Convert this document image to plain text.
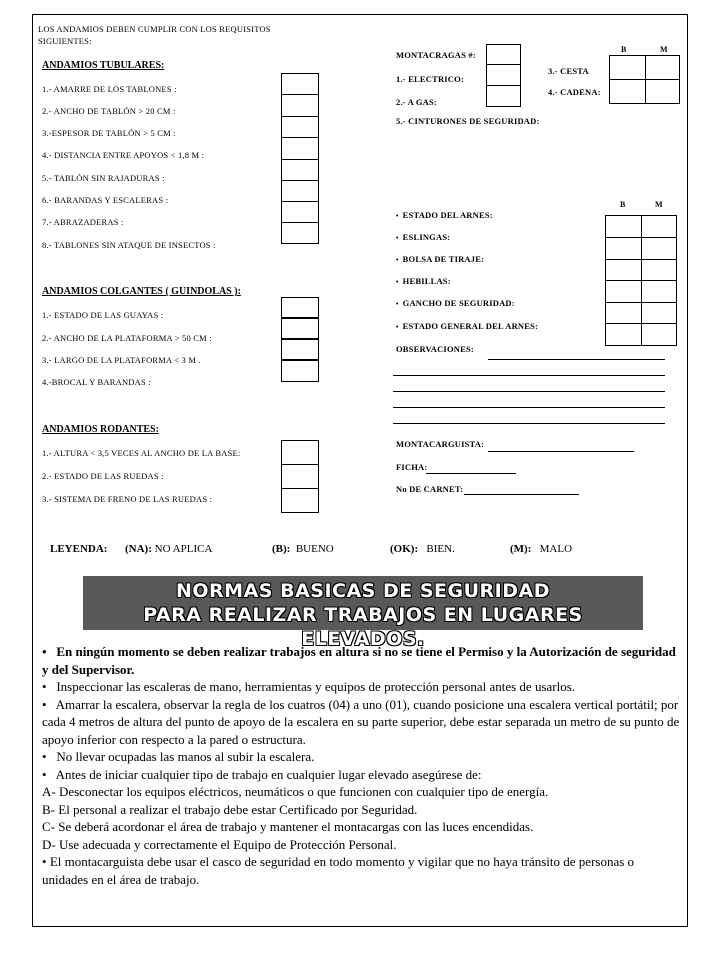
LOS ANDAMIOS DEBEN CUMPLIR CON LOS REQUISITOS
SIGUIENTES:
ANDAMIOS TUBULARES:
1.- AMARRE DE LOS TABLONES :
2.- ANCHO DE TABLÓN > 20 CM :
3.-ESPESOR DE TABLÓN > 5 CM :
4.- DISTANCIA ENTRE APOYOS < 1,8 M :
5.- TABLÓN SIN RAJADURAS :
6.- BARANDAS Y ESCALERAS :
7.- ABRAZADERAS :
8.- TABLONES SIN ATAQUE DE INSECTOS :
ANDAMIOS COLGANTES ( GUINDOLAS ):
1.- ESTADO DE LAS GUAYAS :
2.- ANCHO DE LA PLATAFORMA > 50 CM :
3.- LARGO DE LA PLATAFORMA < 3 M .
4.-BROCAL Y BARANDAS :
ANDAMIOS RODANTES:
1.- ALTURA < 3,5 VECES AL ANCHO DE LA BASE:
2.- ESTADO DE LAS RUEDAS :
3.- SISTEMA DE FRENO DE LAS RUEDAS :
MONTACRAGAS #:
1.- ELECTRICO:
2.- A GAS:
5.- CINTURONES DE SEGURIDAD:
3.- CESTA
4.- CADENA:
B	M
B	M
• ESTADO DEL ARNES:
• ESLINGAS:
• BOLSA DE TIRAJE:
• HEBILLAS:
• GANCHO DE SEGURIDAD:
• ESTADO GENERAL DEL ARNES:
OBSERVACIONES:
MONTACARGUISTA:
FICHA:
No DE CARNET:
LEYENDA: (NA): NO APLICA	(B): BUENO	(OK): BIEN.	(M): MALO
NORMAS BASICAS DE SEGURIDAD
PARA REALIZAR TRABAJOS EN LUGARES ELEVADOS.

• En ningún momento se deben realizar trabajos en altura si no se tiene el Permiso y la Autorización de seguridad y del Supervisor.

• Inspeccionar las escaleras de mano, herramientas y equipos de protección personal antes de usarlos.

• Amarrar la escalera, observar la regla de los cuatros (04) a uno (01), cuando posicione una escalera vertical portátil; por cada 4 metros de altura del punto de apoyo de la escalera en su parte superior, debe estar separada un metro de su punto de apoyo inferior con respecto a la pared o estructura.

•   No llevar ocupadas las manos al subir la escalera.

• Antes de iniciar cualquier tipo de trabajo en cualquier lugar elevado asegúrese de:

A- Desconectar los equipos eléctricos, neumáticos o que funcionen con cualquier tipo de energía.

B- El personal a realizar el trabajo debe estar Certificado por Seguridad.

C- Se deberá acordonar el área de trabajo y mantener el montacargas con las luces encendidas.

D- Use adecuada y correctamente el Equipo de Protección Personal.

• El montacarguista debe usar el casco de seguridad en todo momento y vigilar que no haya tránsito de personas o unidades en el área de trabajo.
